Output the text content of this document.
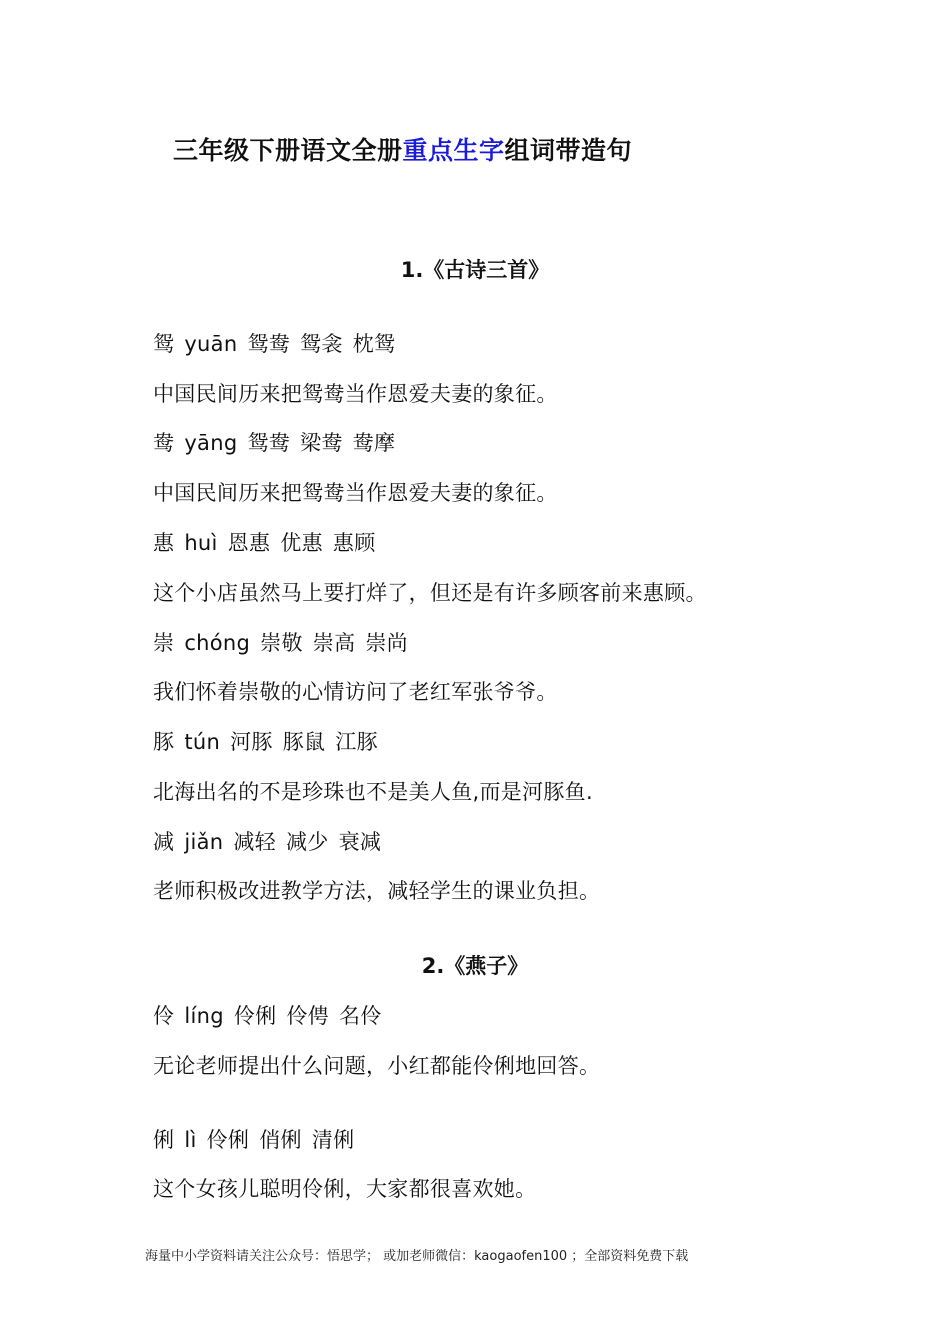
三年级下册语文全册重点生字组词带造句
1.《古诗三首》
鸳 yuān 鸳鸯 鸳衾 枕鸳
中国民间历来把鸳鸯当作恩爱夫妻的象征。
鸯 yāng 鸳鸯 梁鸯 鸯摩
中国民间历来把鸳鸯当作恩爱夫妻的象征。
惠 huì 恩惠 优惠 惠顾
这个小店虽然马上要打烊了，但还是有许多顾客前来惠顾。
崇 chóng 崇敬 崇高 崇尚
我们怀着崇敬的心情访问了老红军张爷爷。
豚 tún 河豚 豚鼠 江豚
北海出名的不是珍珠也不是美人鱼,而是河豚鱼.
减 jiǎn 减轻 减少 衰减
老师积极改进教学方法，减轻学生的课业负担。
2.《燕子》
伶 líng 伶俐 伶俜 名伶
无论老师提出什么问题，小红都能伶俐地回答。
俐 lì 伶俐 俏俐 清俐
这个女孩儿聪明伶俐，大家都很喜欢她。
海量中小学资料请关注公众号：悟思学； 或加老师微信：kaogaofen100 ；全部资料免费下载
